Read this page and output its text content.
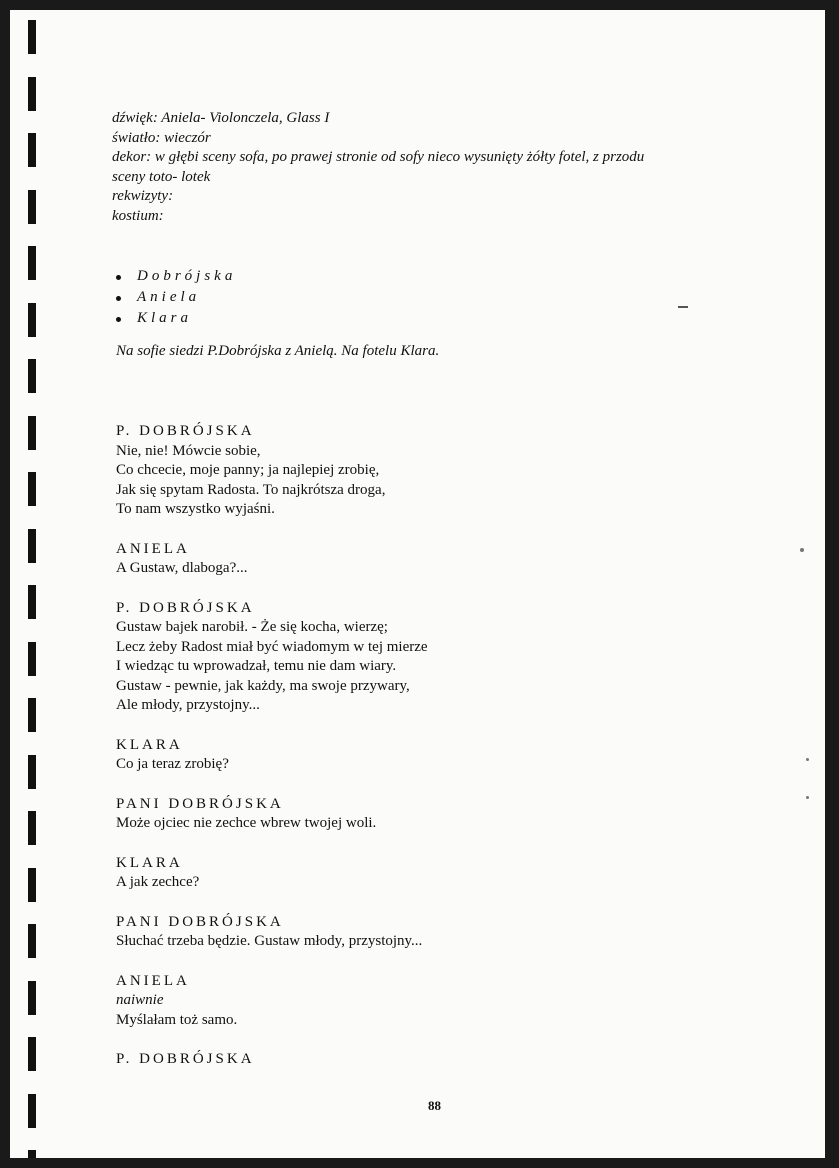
dźwięk: Aniela- Violonczela, Glass I
światło: wieczór
dekor: w głębi sceny sofa, po prawej stronie od sofy nieco wysunięty żółty fotel, z przodu
sceny toto- lotek
rekwizyty:
kostium:
Dobrójska
Aniela
Klara
Na sofie siedzi P.Dobrójska z Anielą. Na fotelu Klara.
P. DOBRÓJSKA
Nie, nie! Mówcie sobie,
Co chcecie, moje panny; ja najlepiej zrobię,
Jak się spytam Radosta. To najkrótsza droga,
To nam wszystko wyjaśni.
ANIELA
A Gustaw, dlaboga?...
P. DOBRÓJSKA
Gustaw bajek narobił. - Że się kocha, wierzę;
Lecz żeby Radost miał być wiadomym w tej mierze
I wiedząc tu wprowadzał, temu nie dam wiary.
Gustaw - pewnie, jak każdy, ma swoje przywary,
Ale młody, przystojny...
KLARA
Co ja teraz zrobię?
PANI DOBRÓJSKA
Może ojciec nie zechce wbrew twojej woli.
KLARA
A jak zechce?
PANI DOBRÓJSKA
Słuchać trzeba będzie. Gustaw młody, przystojny...
ANIELA
naiwnie
Myślałam toż samo.
P. DOBRÓJSKA
88
